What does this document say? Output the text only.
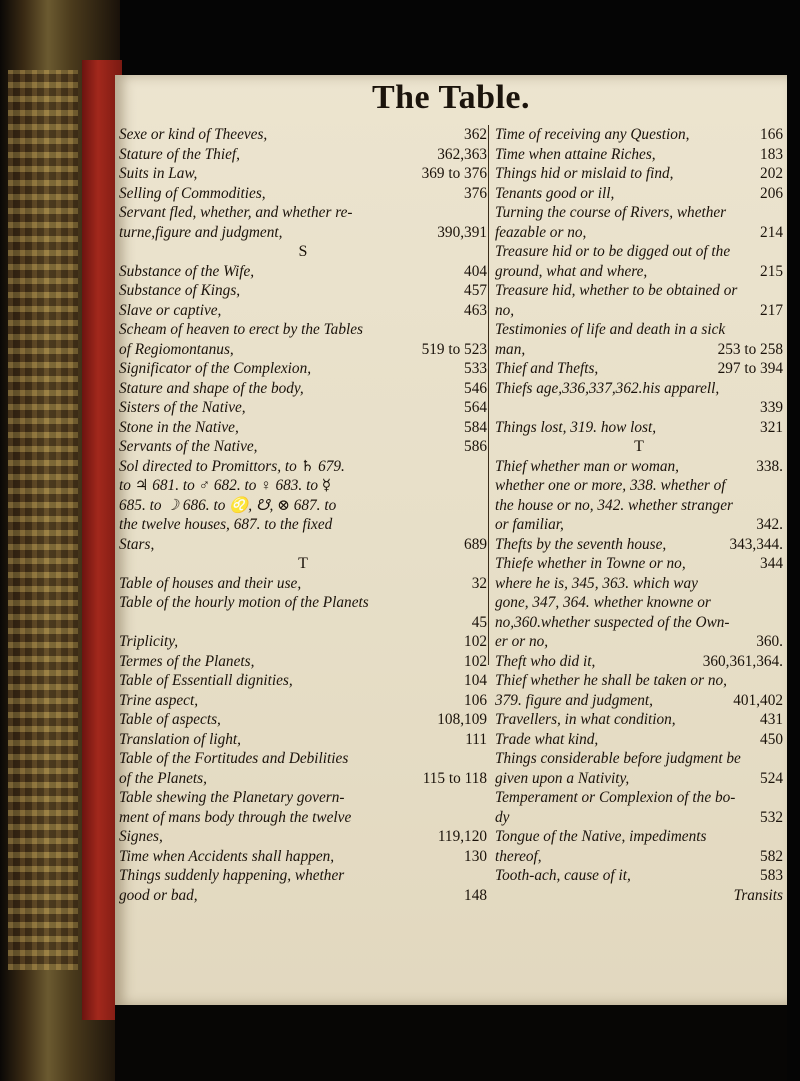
The Table.
Sexe or kind of Theeves,	362
Stature of the Thief,	362,363
Suits in Law,	369 to 376
Selling of Commodities,	376
Servant fled, whether, and whether re-
turne,figure and judgment,	390,391
S
Substance of the Wife,	404
Substance of Kings,	457
Slave or captive,	463
Scheam of heaven to erect by the Tables
of Regiomontanus,	519 to 523
Significator of the Complexion,	533
Stature and shape of the body,	546
Sisters of the Native,	564
Stone in the Native,	584
Servants of the Native,	586
Sol directed to Promittors, to ♄ 679.
to ♃ 681. to ♂ 682. to ♀ 683. to ☿
685. to ☽ 686. to ♌, ☋, ⊗ 687. to
the twelve houses, 687. to the fixed
Stars,	689
T
Table of houses and their use,	32
Table of the hourly motion of the Planets
45
Triplicity,	102
Termes of the Planets,	102
Table of Essentiall dignities,	104
Trine aspect,	106
Table of aspects,	108,109
Translation of light,	111
Table of the Fortitudes and Debilities
of the Planets,	115 to 118
Table shewing the Planetary govern-
ment of mans body through the twelve
Signes,	119,120
Time when Accidents shall happen,	130
Things suddenly happening, whether
good or bad,	148
Time of receiving any Question,	166
Time when attaine Riches,	183
Things hid or mislaid to find,	202
Tenants good or ill,	206
Turning the course of Rivers, whether
feazable or no,	214
Treasure hid or to be digged out of the
ground, what and where,	215
Treasure hid, whether to be obtained or
no,	217
Testimonies of life and death in a sick
man,	253 to 258
Thief and Thefts,	297 to 394
Thiefs age,336,337,362.his apparell,
339
Things lost, 319. how lost,	321
T
Thief whether man or woman,	338.
whether one or more, 338. whether of
the house or no, 342. whether stranger
or familiar,	342.
Thefts by the seventh house,	343,344.
Thiefe whether in Towne or no,	344
where he is, 345, 363. which way
gone, 347, 364. whether knowne or
no,360.whether suspected of the Own-
er or no,	360.
Theft who did it,	360,361,364.
Thief whether he shall be taken or no,
379. figure and judgment,	401,402
Travellers, in what condition,	431
Trade what kind,	450
Things considerable before judgment be
given upon a Nativity,	524
Temperament or Complexion of the bo-
dy	532
Tongue of the Native, impediments
thereof,	582
Tooth-ach, cause of it,	583
Transits
